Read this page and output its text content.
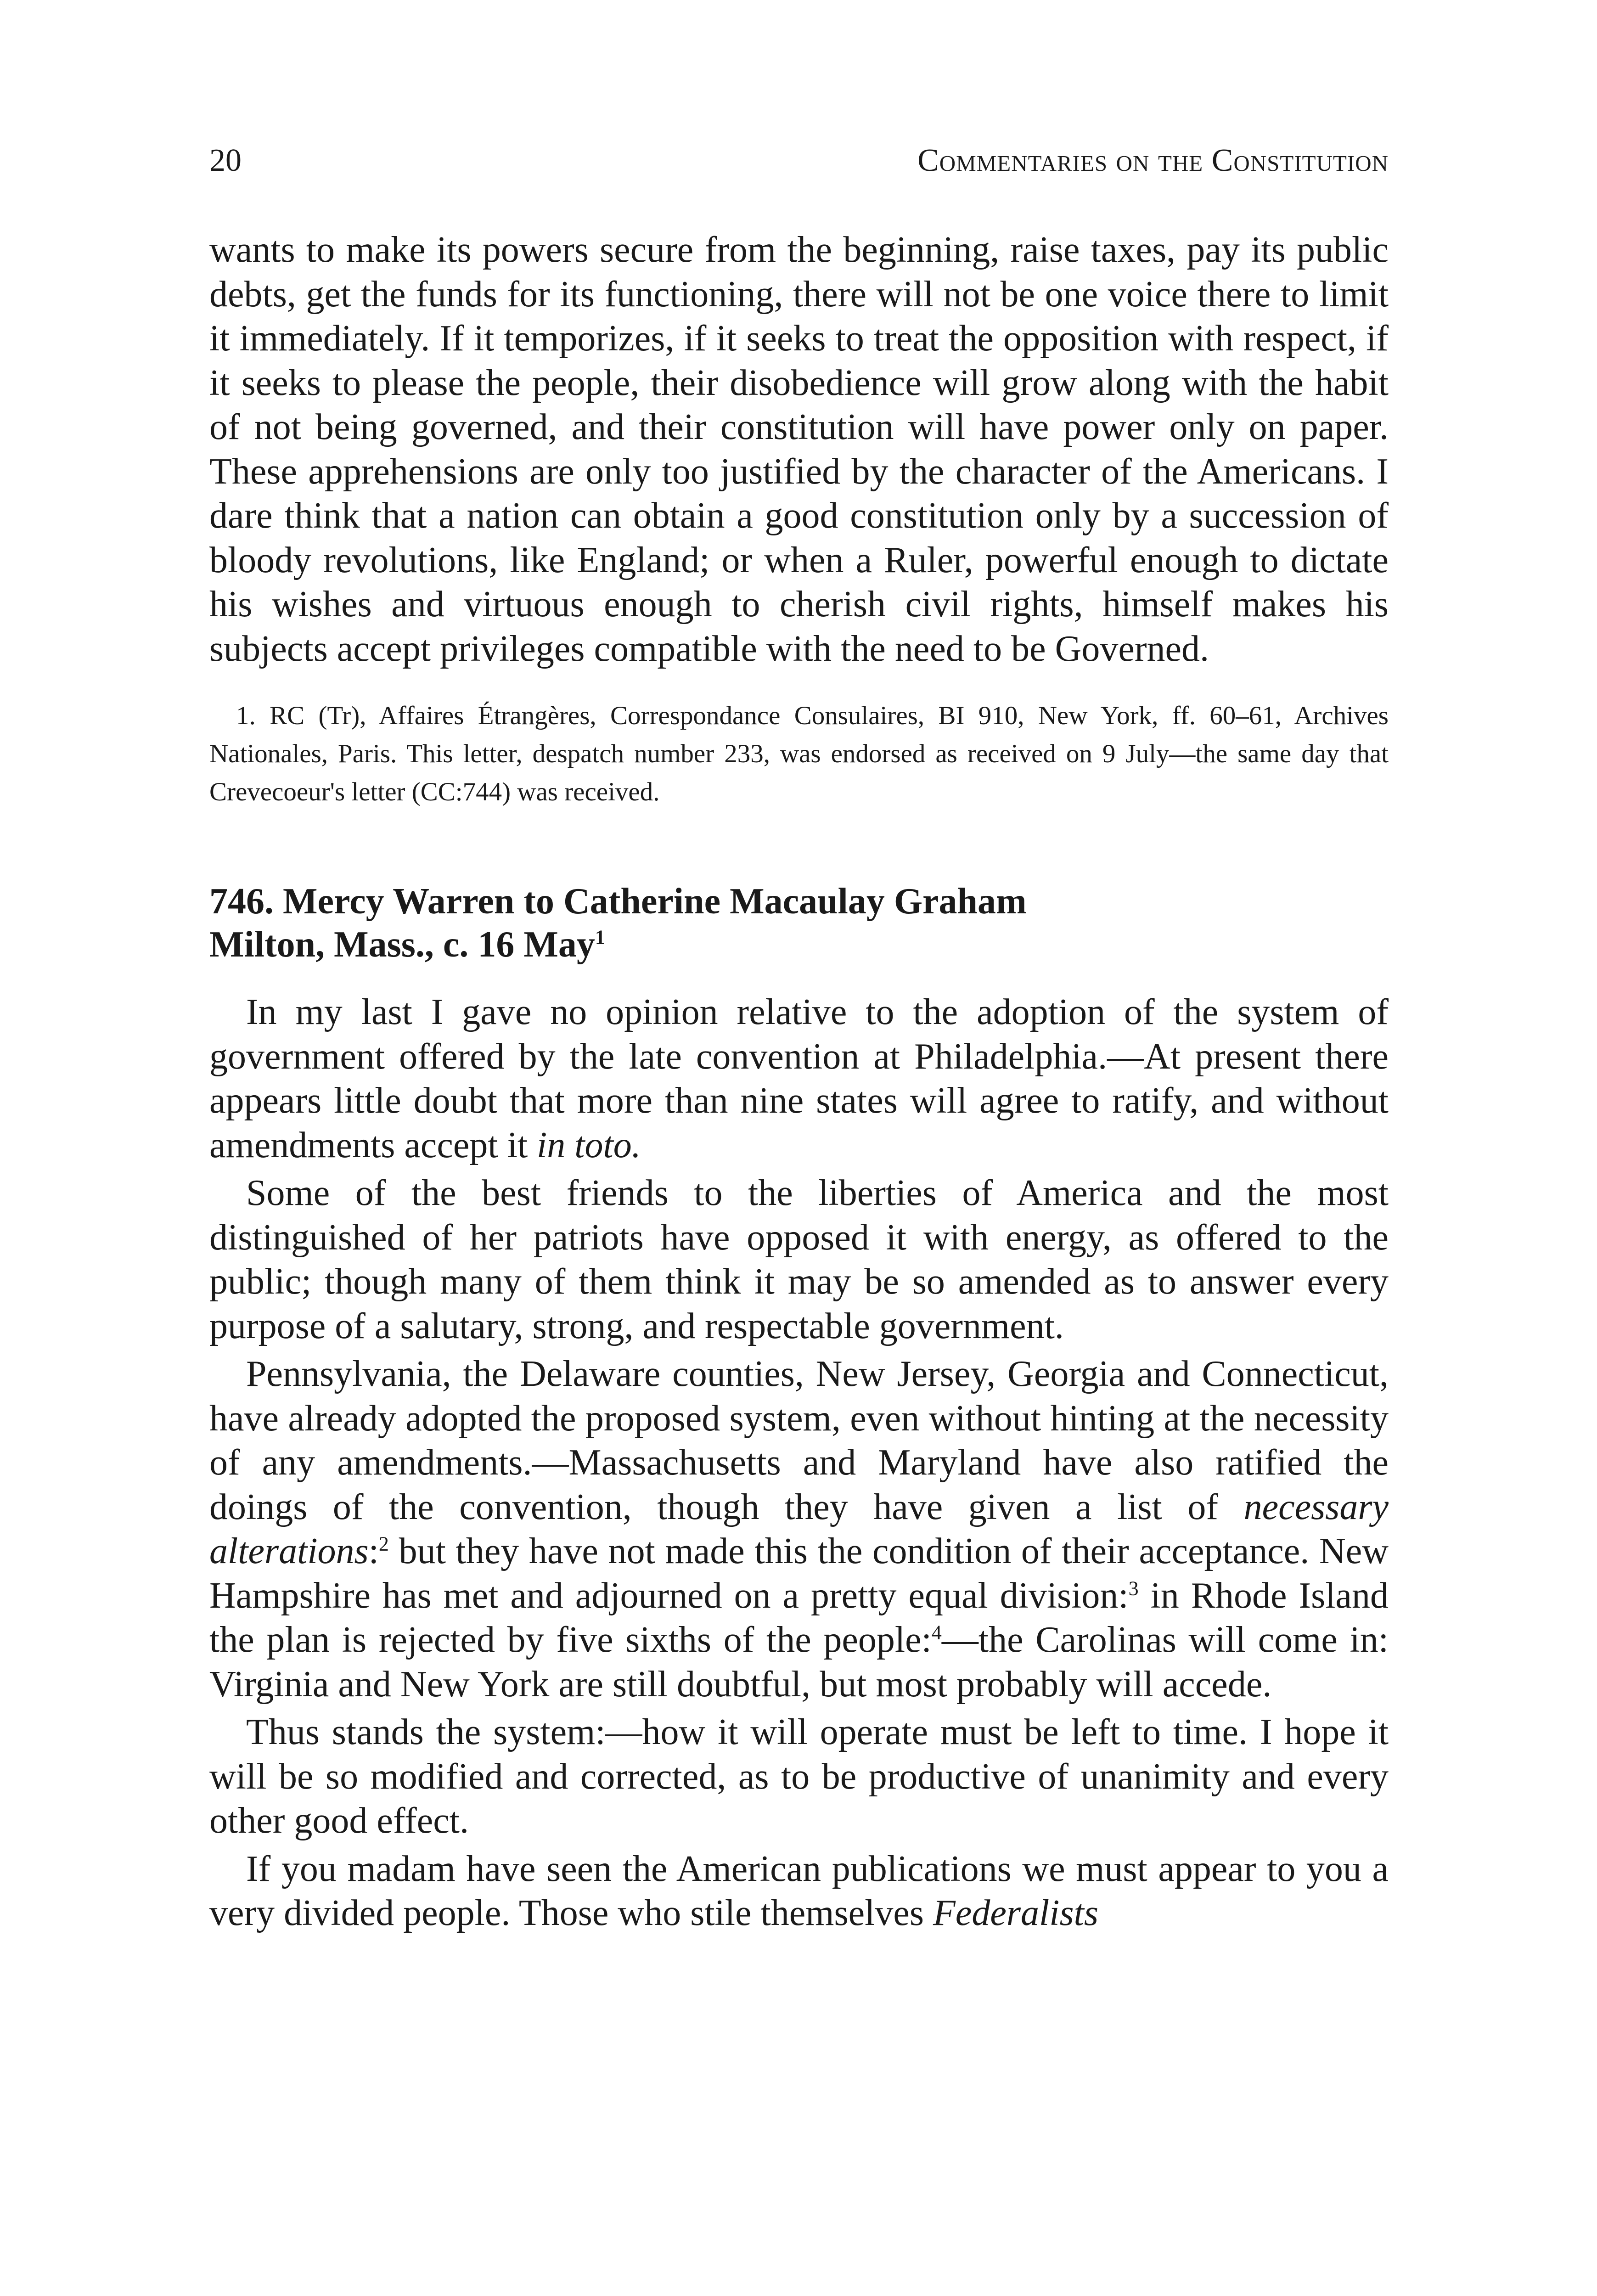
20	Commentaries on the Constitution

wants to make its powers secure from the beginning, raise taxes, pay its public debts, get the funds for its functioning, there will not be one voice there to limit it immediately. If it temporizes, if it seeks to treat the opposition with respect, if it seeks to please the people, their disobedience will grow along with the habit of not being governed, and their constitution will have power only on paper. These apprehensions are only too justified by the character of the Americans. I dare think that a nation can obtain a good constitution only by a succession of bloody revolutions, like England; or when a Ruler, powerful enough to dictate his wishes and virtuous enough to cherish civil rights, himself makes his subjects accept privileges compatible with the need to be Governed.

1. RC (Tr), Affaires Étrangères, Correspondance Consulaires, BI 910, New York, ff. 60–61, Archives Nationales, Paris. This letter, despatch number 233, was endorsed as received on 9 July—the same day that Crevecoeur's letter (CC:744) was received.
746. Mercy Warren to Catherine Macaulay Graham
Milton, Mass., c. 16 May$^1$

In my last I gave no opinion relative to the adoption of the system of government offered by the late convention at Philadelphia.—At present there appears little doubt that more than nine states will agree to ratify, and without amendments accept it in toto.

Some of the best friends to the liberties of America and the most distinguished of her patriots have opposed it with energy, as offered to the public; though many of them think it may be so amended as to answer every purpose of a salutary, strong, and respectable government.

Pennsylvania, the Delaware counties, New Jersey, Georgia and Connecticut, have already adopted the proposed system, even without hinting at the necessity of any amendments.—Massachusetts and Maryland have also ratified the doings of the convention, though they have given a list of necessary alterations:$^2$ but they have not made this the condition of their acceptance. New Hampshire has met and adjourned on a pretty equal division:$^3$ in Rhode Island the plan is rejected by five sixths of the people:$^4$—the Carolinas will come in: Virginia and New York are still doubtful, but most probably will accede.

Thus stands the system:—how it will operate must be left to time. I hope it will be so modified and corrected, as to be productive of unanimity and every other good effect.

If you madam have seen the American publications we must appear to you a very divided people. Those who stile themselves Federalists
